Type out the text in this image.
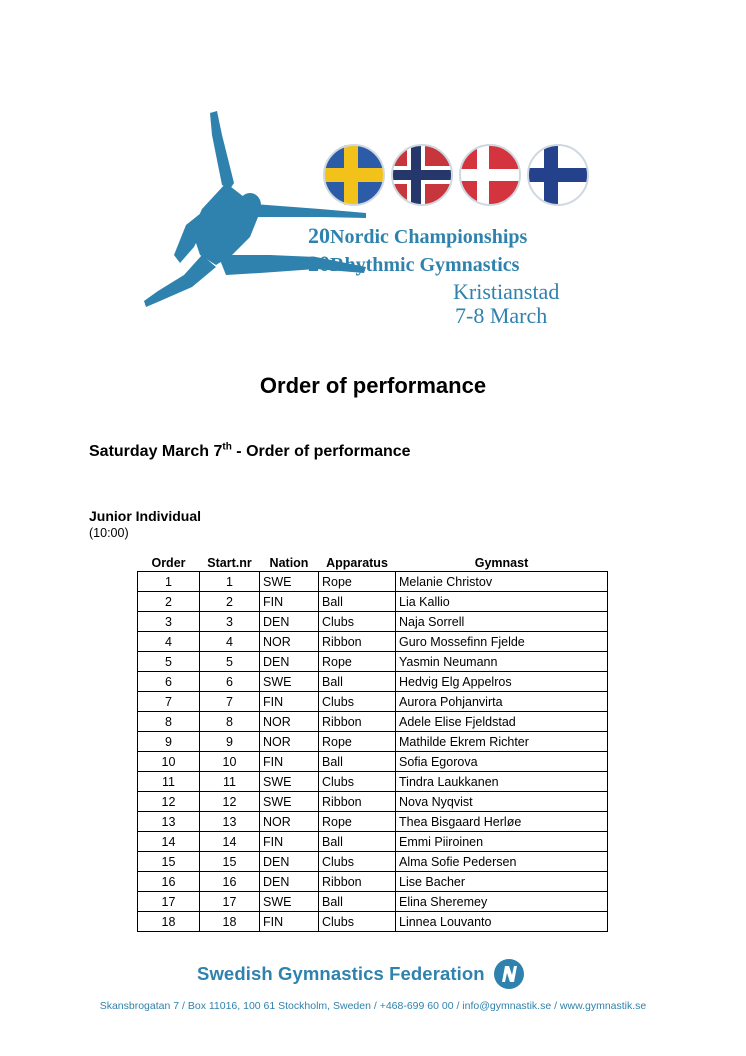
20Nordic Championships
20Rhythmic Gymnastics
Kristianstad
7-8 March
Order of performance
Saturday March 7th - Order of performance
Junior Individual
(10:00)
Order	Start.nr	Nation	Apparatus	Gymnast
1	1	SWE	Rope	Melanie Christov
2	2	FIN	Ball	Lia Kallio
3	3	DEN	Clubs	Naja Sorrell
4	4	NOR	Ribbon	Guro Mossefinn Fjelde
5	5	DEN	Rope	Yasmin Neumann
6	6	SWE	Ball	Hedvig Elg Appelros
7	7	FIN	Clubs	Aurora Pohjanvirta
8	8	NOR	Ribbon	Adele Elise Fjeldstad
9	9	NOR	Rope	Mathilde Ekrem Richter
10	10	FIN	Ball	Sofia Egorova
11	11	SWE	Clubs	Tindra Laukkanen
12	12	SWE	Ribbon	Nova Nyqvist
13	13	NOR	Rope	Thea Bisgaard Herløe
14	14	FIN	Ball	Emmi Piiroinen
15	15	DEN	Clubs	Alma Sofie Pedersen
16	16	DEN	Ribbon	Lise Bacher
17	17	SWE	Ball	Elina Sheremey
18	18	FIN	Clubs	Linnea Louvanto
Swedish Gymnastics Federation
Skansbrogatan 7 / Box 11016, 100 61 Stockholm, Sweden / +468-699 60 00 / info@gymnastik.se / www.gymnastik.se
